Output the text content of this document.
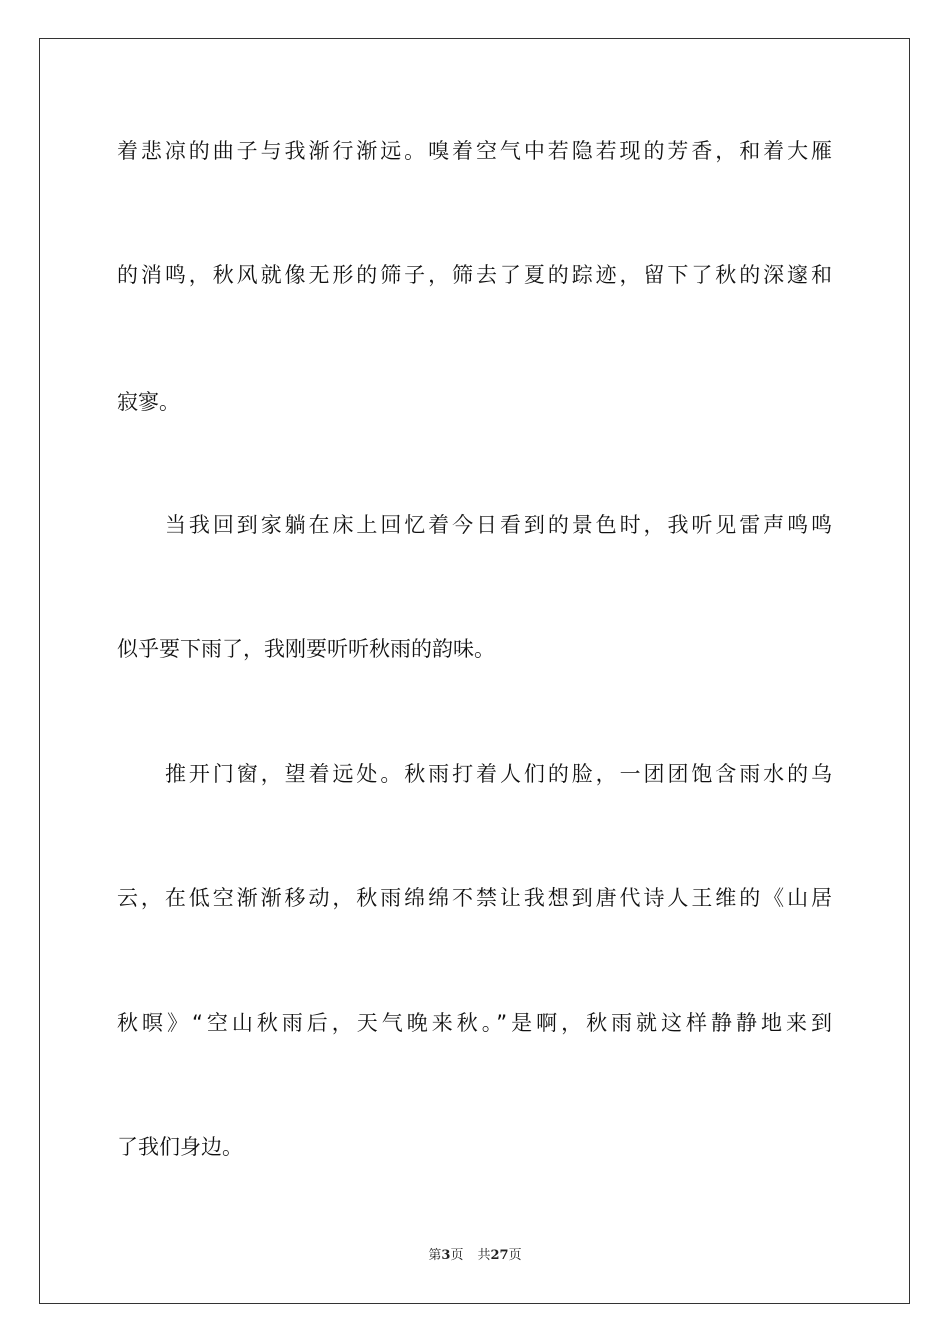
着悲凉的曲子与我渐行渐远。嗅着空气中若隐若现的芳香，和着大雁
的消鸣，秋风就像无形的筛子，筛去了夏的踪迹，留下了秋的深邃和
寂寥。
当我回到家躺在床上回忆着今日看到的景色时，我听见雷声鸣鸣
似乎要下雨了，我刚要听听秋雨的韵味。
推开门窗，望着远处。秋雨打着人们的脸，一团团饱含雨水的乌
云，在低空渐渐移动，秋雨绵绵不禁让我想到唐代诗人王维的《山居
秋暝》“空山秋雨后，天气晚来秋。”是啊，秋雨就这样静静地来到
了我们身边。
第3页 共27页
